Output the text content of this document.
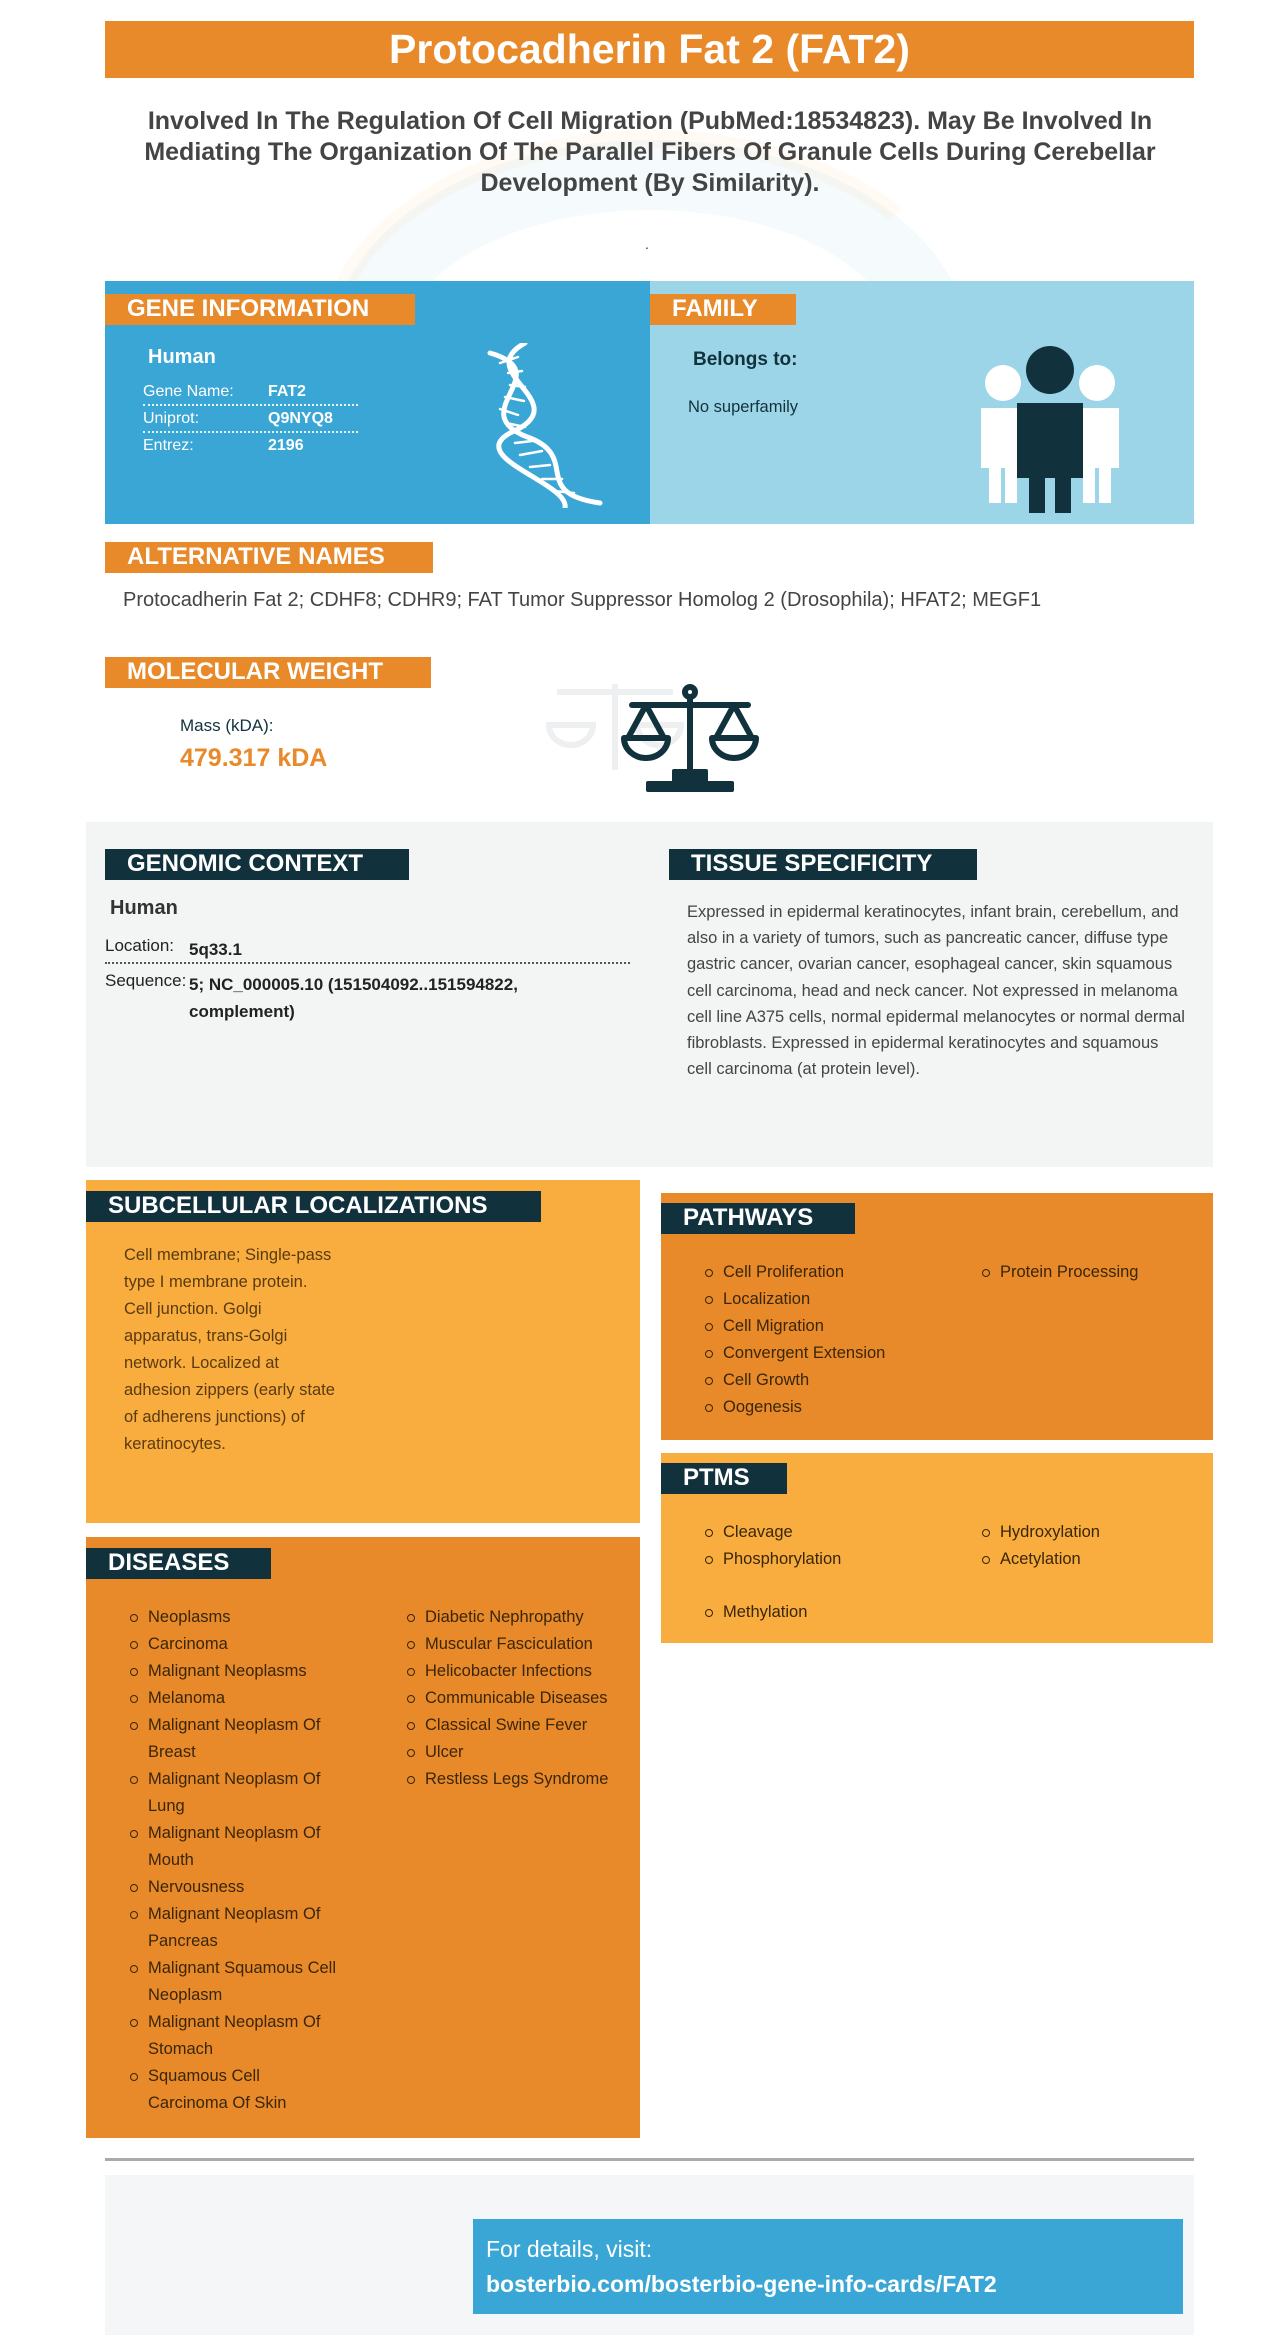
Protocadherin Fat 2 (FAT2)
Involved In The Regulation Of Cell Migration (PubMed:18534823). May Be Involved In Mediating The Organization Of The Parallel Fibers Of Granule Cells During Cerebellar Development (By Similarity).
.
GENE INFORMATION
Human
Gene Name:	FAT2
Uniprot:	Q9NYQ8
Entrez:	2196
FAMILY
Belongs to:
No superfamily
ALTERNATIVE NAMES
Protocadherin Fat 2; CDHF8; CDHR9; FAT Tumor Suppressor Homolog 2 (Drosophila); HFAT2; MEGF1
MOLECULAR WEIGHT
Mass (kDA):
479.317 kDA
GENOMIC CONTEXT
Human
Location: 5q33.1
Sequence: 5; NC_000005.10 (151504092..151594822,
complement)
TISSUE SPECIFICITY
Expressed in epidermal keratinocytes, infant brain, cerebellum, and also in a variety of tumors, such as pancreatic cancer, diffuse type gastric cancer, ovarian cancer, esophageal cancer, skin squamous cell carcinoma, head and neck cancer. Not expressed in melanoma cell line A375 cells, normal epidermal melanocytes or normal dermal fibroblasts. Expressed in epidermal keratinocytes and squamous cell carcinoma (at protein level).
SUBCELLULAR LOCALIZATIONS
Cell membrane; Single-pass type I membrane protein. Cell junction. Golgi apparatus, trans-Golgi network. Localized at adhesion zippers (early state of adherens junctions) of keratinocytes.
PATHWAYS
Cell Proliferation
Localization
Cell Migration
Convergent Extension
Cell Growth
Oogenesis
Protein Processing
PTMS
Cleavage
Phosphorylation
Hydroxylation
Acetylation
Methylation
DISEASES
Neoplasms
Carcinoma
Malignant Neoplasms
Melanoma
Malignant Neoplasm Of Breast
Malignant Neoplasm Of Lung
Malignant Neoplasm Of Mouth
Nervousness
Malignant Neoplasm Of Pancreas
Malignant Squamous Cell Neoplasm
Malignant Neoplasm Of Stomach
Squamous Cell Carcinoma Of Skin
Diabetic Nephropathy
Muscular Fasciculation
Helicobacter Infections
Communicable Diseases
Classical Swine Fever
Ulcer
Restless Legs Syndrome
For details, visit:
bosterbio.com/bosterbio-gene-info-cards/FAT2
